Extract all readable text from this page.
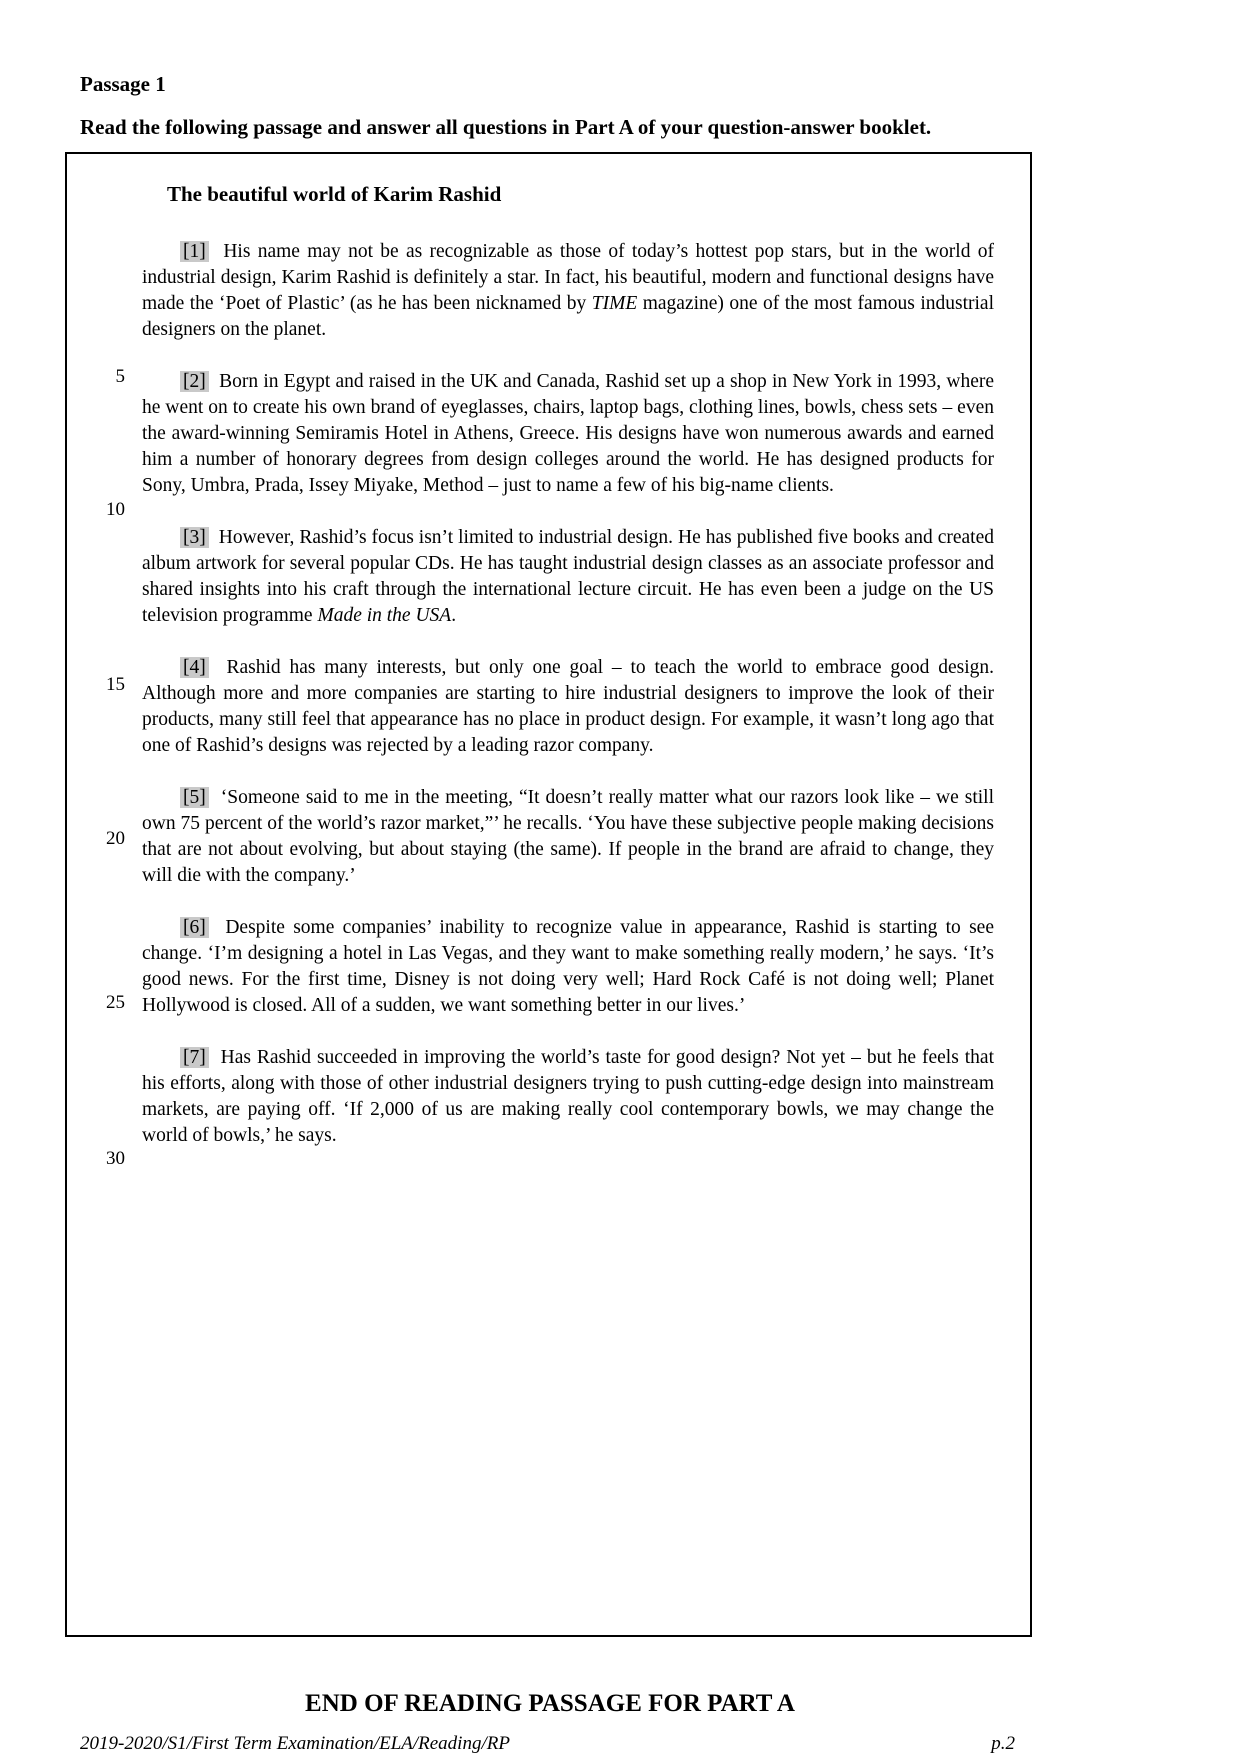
Passage 1
Read the following passage and answer all questions in Part A of your question-answer booklet.
The beautiful world of Karim Rashid

[1] His name may not be as recognizable as those of today’s hottest pop stars, but in the world of industrial design, Karim Rashid is definitely a star. In fact, his beautiful, modern and functional designs have made the ‘Poet of Plastic’ (as he has been nicknamed by TIME magazine) one of the most famous industrial designers on the planet.

[2] Born in Egypt and raised in the UK and Canada, Rashid set up a shop in New York in 1993, where he went on to create his own brand of eyeglasses, chairs, laptop bags, clothing lines, bowls, chess sets – even the award-winning Semiramis Hotel in Athens, Greece. His designs have won numerous awards and earned him a number of honorary degrees from design colleges around the world. He has designed products for Sony, Umbra, Prada, Issey Miyake, Method – just to name a few of his big-name clients.

[3] However, Rashid’s focus isn’t limited to industrial design. He has published five books and created album artwork for several popular CDs. He has taught industrial design classes as an associate professor and shared insights into his craft through the international lecture circuit. He has even been a judge on the US television programme Made in the USA.

[4] Rashid has many interests, but only one goal – to teach the world to embrace good design. Although more and more companies are starting to hire industrial designers to improve the look of their products, many still feel that appearance has no place in product design. For example, it wasn’t long ago that one of Rashid’s designs was rejected by a leading razor company.

[5] ‘Someone said to me in the meeting, “It doesn’t really matter what our razors look like – we still own 75 percent of the world’s razor market,”’ he recalls. ‘You have these subjective people making decisions that are not about evolving, but about staying (the same). If people in the brand are afraid to change, they will die with the company.’

[6] Despite some companies’ inability to recognize value in appearance, Rashid is starting to see change. ‘I’m designing a hotel in Las Vegas, and they want to make something really modern,’ he says. ‘It’s good news. For the first time, Disney is not doing very well; Hard Rock Café is not doing well; Planet Hollywood is closed. All of a sudden, we want something better in our lives.’

[7] Has Rashid succeeded in improving the world’s taste for good design? Not yet – but he feels that his efforts, along with those of other industrial designers trying to push cutting-edge design into mainstream markets, are paying off. ‘If 2,000 of us are making really cool contemporary bowls, we may change the world of bowls,’ he says.

5
10
15
20
25
30
END OF READING PASSAGE FOR PART A
2019-2020/S1/First Term Examination/ELA/Reading/RP	p.2
